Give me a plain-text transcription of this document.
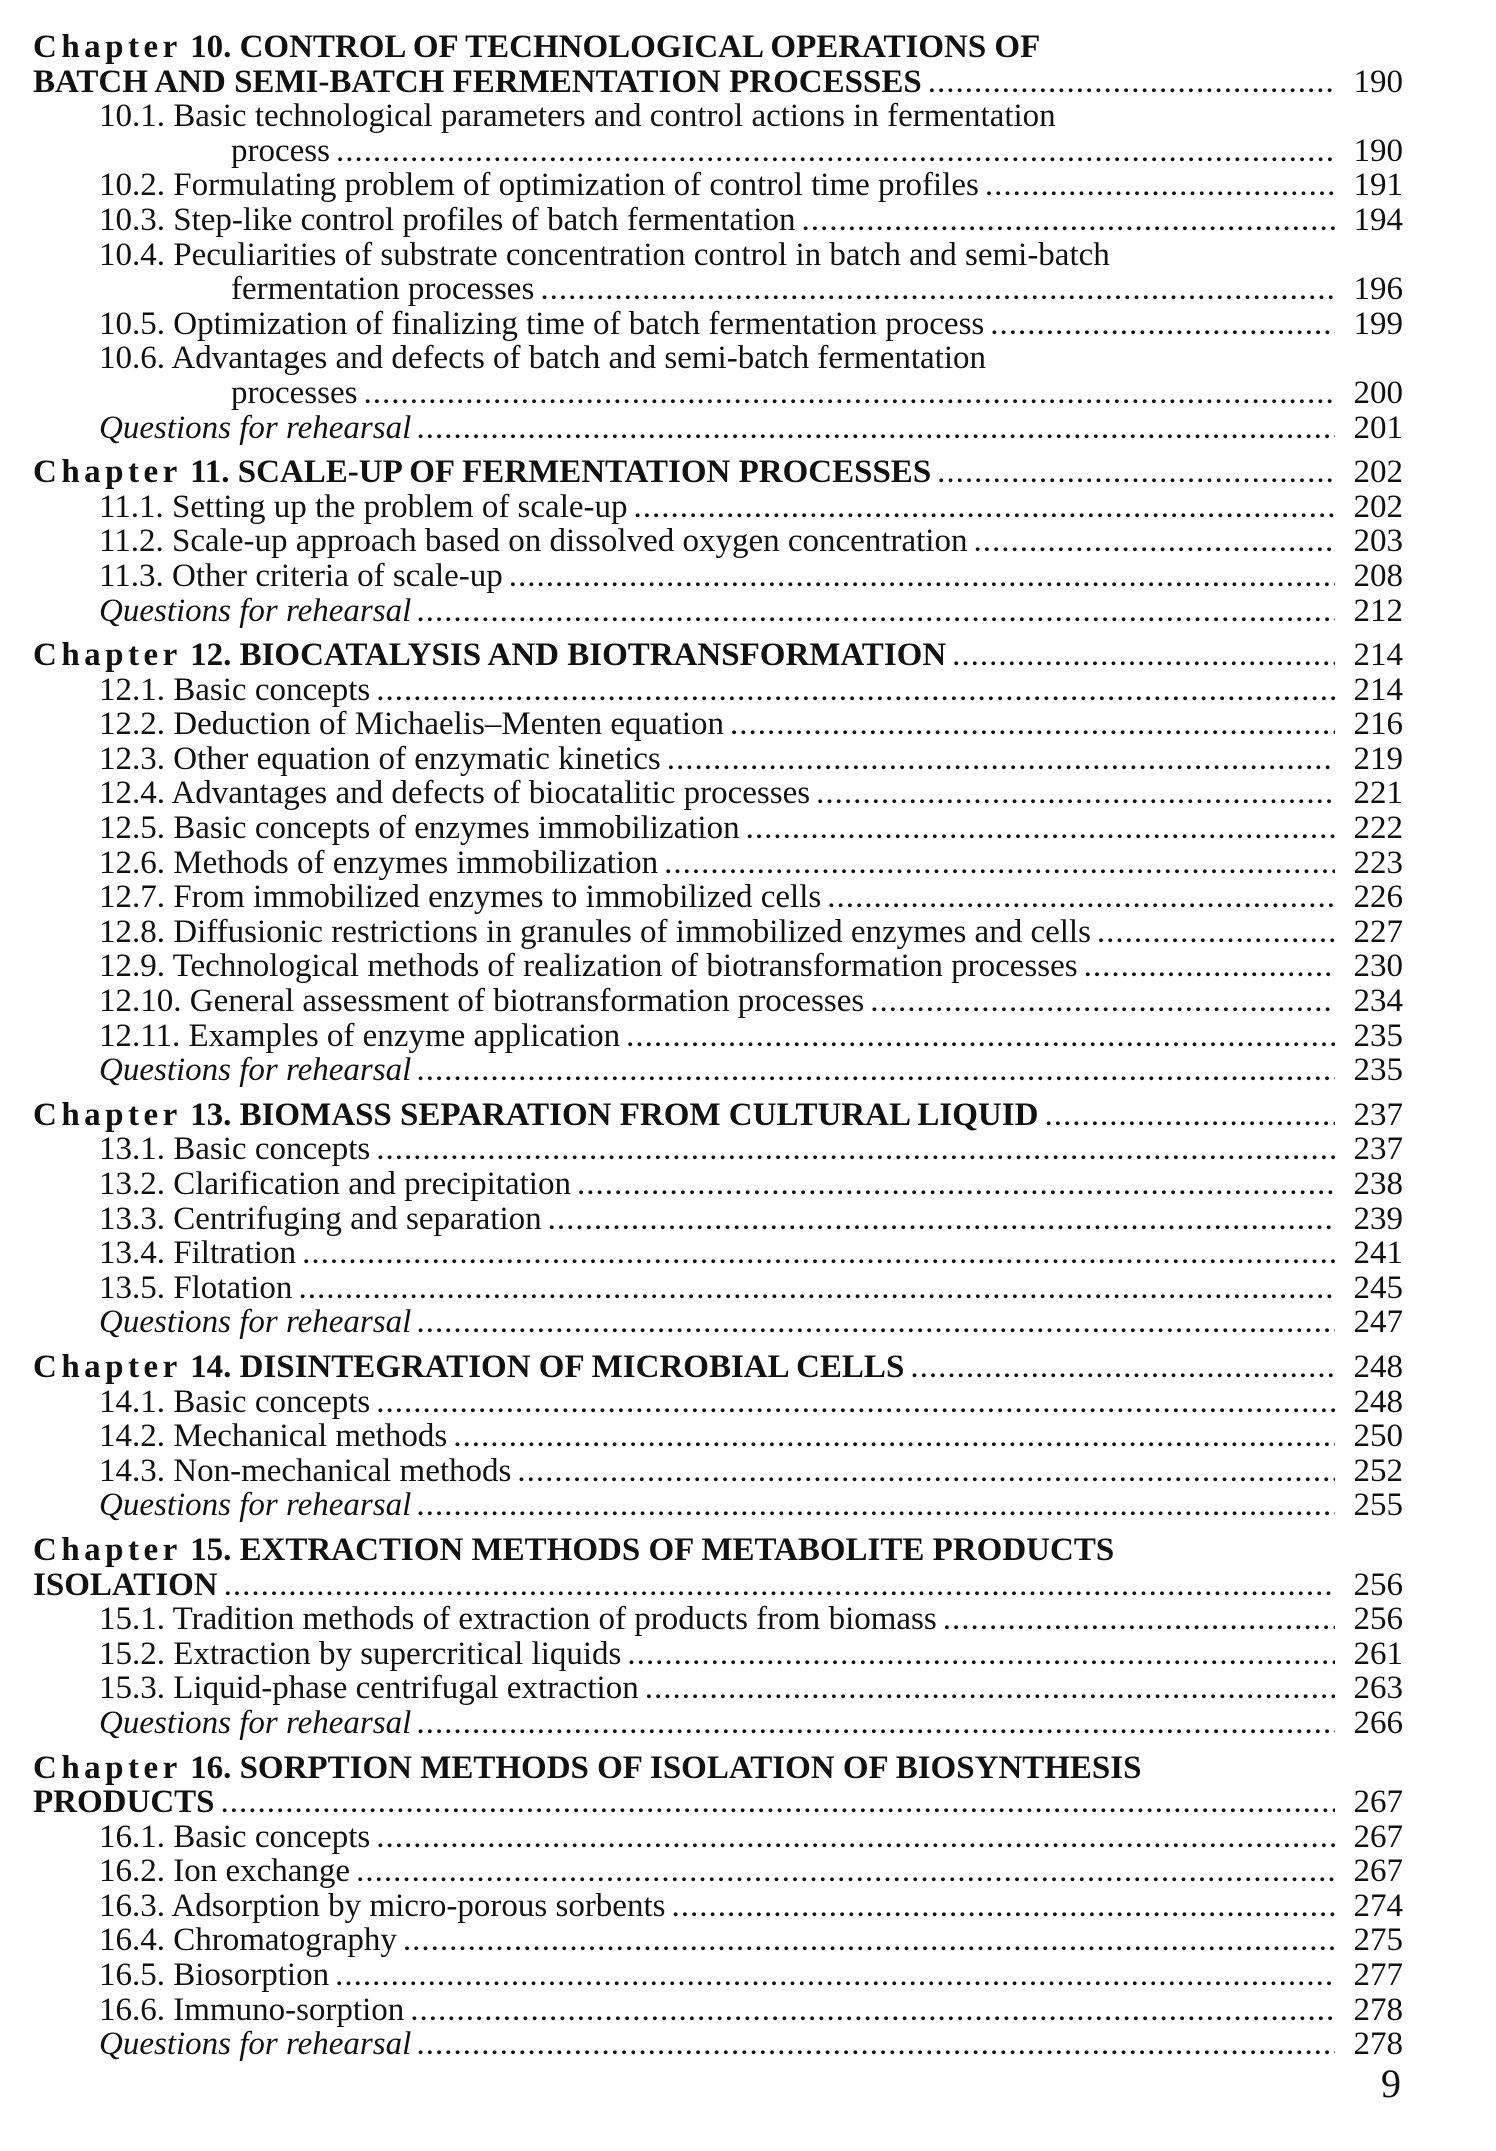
Chapter 10. CONTROL OF TECHNOLOGICAL OPERATIONS OF
BATCH AND SEMI-BATCH FERMENTATION PROCESSES .....	190
10.1. Basic technological parameters and control actions in fermentation
process .....	190
10.2. Formulating problem of optimization of control time profiles .....	191
10.3. Step-like control profiles of batch fermentation .....	194
10.4. Peculiarities of substrate concentration control in batch and semi-batch
fermentation processes .....	196
10.5. Optimization of finalizing time of batch fermentation process .....	199
10.6. Advantages and defects of batch and semi-batch fermentation
processes .....	200
Questions for rehearsal .....	201
Chapter 11. SCALE-UP OF FERMENTATION PROCESSES .....	202
11.1. Setting up the problem of scale-up .....	202
11.2. Scale-up approach based on dissolved oxygen concentration .....	203
11.3. Other criteria of scale-up .....	208
Questions for rehearsal .....	212
Chapter 12. BIOCATALYSIS AND BIOTRANSFORMATION .....	214
12.1. Basic concepts .....	214
12.2. Deduction of Michaelis–Menten equation .....	216
12.3. Other equation of enzymatic kinetics .....	219
12.4. Advantages and defects of biocatalitic processes .....	221
12.5. Basic concepts of enzymes immobilization .....	222
12.6. Methods of enzymes immobilization .....	223
12.7. From immobilized enzymes to immobilized cells .....	226
12.8. Diffusionic restrictions in granules of immobilized enzymes and cells .....	227
12.9. Technological methods of realization of biotransformation processes .....	230
12.10. General assessment of biotransformation processes .....	234
12.11. Examples of enzyme application .....	235
Questions for rehearsal .....	235
Chapter 13. BIOMASS SEPARATION FROM CULTURAL LIQUID .....	237
13.1. Basic concepts .....	237
13.2. Clarification and precipitation .....	238
13.3. Centrifuging and separation .....	239
13.4. Filtration .....	241
13.5. Flotation .....	245
Questions for rehearsal .....	247
Chapter 14. DISINTEGRATION OF MICROBIAL CELLS .....	248
14.1. Basic concepts .....	248
14.2. Mechanical methods .....	250
14.3. Non-mechanical methods .....	252
Questions for rehearsal .....	255
Chapter 15. EXTRACTION METHODS OF METABOLITE PRODUCTS
ISOLATION .....	256
15.1. Tradition methods of extraction of products from biomass .....	256
15.2. Extraction by supercritical liquids .....	261
15.3. Liquid-phase centrifugal extraction .....	263
Questions for rehearsal .....	266
Chapter 16. SORPTION METHODS OF ISOLATION OF BIOSYNTHESIS
PRODUCTS .....	267
16.1. Basic concepts .....	267
16.2. Ion exchange .....	267
16.3. Adsorption by micro-porous sorbents .....	274
16.4. Chromatography .....	275
16.5. Biosorption .....	277
16.6. Immuno-sorption .....	278
Questions for rehearsal .....	278
9
